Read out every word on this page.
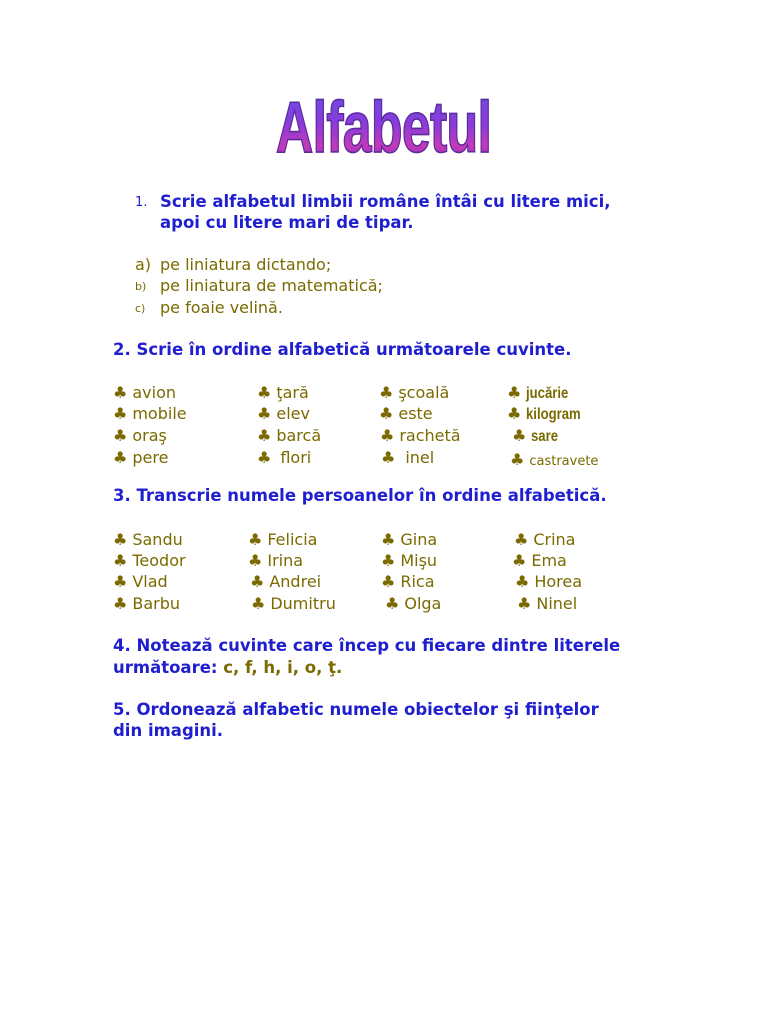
Alfabetul
1. Scrie alfabetul limbii române întâi cu litere mici,
apoi cu litere mari de tipar.
a) pe liniatura dictando;
b) pe liniatura de matematică;
c) pe foaie velină.
2. Scrie în ordine alfabetică următoarele cuvinte.
♣ avion	♣ ţară	♣ şcoală	♣ jucărie
♣ mobile	♣ elev	♣ este	♣ kilogram
♣ oraş	♣ barcă	♣ rachetă	♣ sare
♣ pere	♣ flori	♣ inel	♣ castravete
3. Transcrie numele persoanelor în ordine alfabetică.
♣ Sandu	♣ Felicia	♣ Gina	♣ Crina
♣ Teodor	♣ Irina	♣ Mişu	♣ Ema
♣ Vlad	♣ Andrei	♣ Rica	♣ Horea
♣ Barbu	♣ Dumitru	♣ Olga	♣ Ninel
4. Notează cuvinte care încep cu fiecare dintre literele
următoare: c, f, h, i, o, ţ.
5. Ordonează alfabetic numele obiectelor şi fiinţelor
din imagini.
